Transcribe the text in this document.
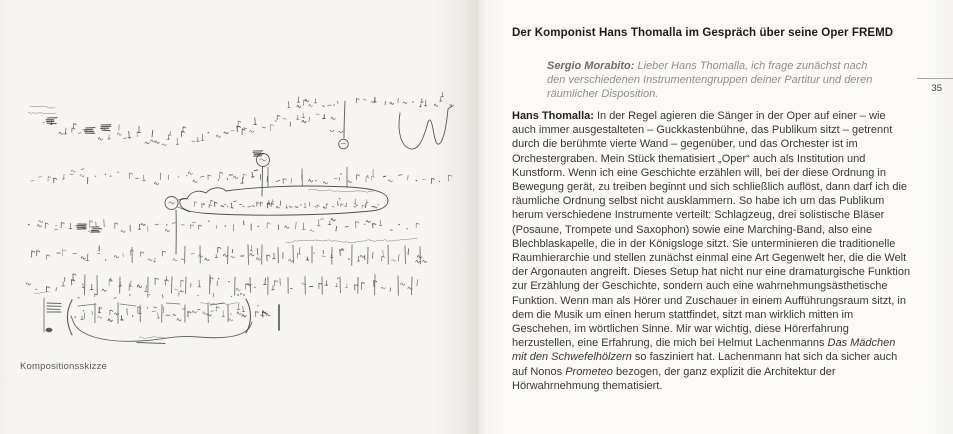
Kompositionsskizze
Der Komponist Hans Thomalla im Gespräch über seine Oper FREMD
35

Sergio Morabito: Lieber Hans Thomalla, ich frage zunächst nach den verschiedenen Instrumentengruppen deiner Partitur und deren räumlicher Disposition.

Hans Thomalla: In der Regel agieren die Sänger in der Oper auf einer – wie auch immer ausgestalteten – Guckkastenbühne, das Publikum sitzt – getrennt durch die berühmte vierte Wand – gegenüber, und das Orchester ist im Orchestergraben. Mein Stück thematisiert „Oper“ auch als Institution und Kunstform. Wenn ich eine Geschichte erzählen will, bei der diese Ordnung in Bewegung gerät, zu treiben beginnt und sich schließlich auflöst, dann darf ich die räumliche Ordnung selbst nicht ausklammern. So habe ich um das Publikum herum verschiedene Instrumente verteilt: Schlagzeug, drei solistische Bläser (Posaune, Trompete und Saxophon) sowie eine Marching-Band, also eine Blechblaskapelle, die in der Königsloge sitzt. Sie unterminieren die traditionelle Raumhierarchie und stellen zunächst einmal eine Art Gegenwelt her, die die Welt der Argonauten angreift. Dieses Setup hat nicht nur eine dramaturgische Funktion zur Erzählung der Geschichte, sondern auch eine wahrnehmungsästhetische Funktion. Wenn man als Hörer und Zuschauer in einem Aufführungsraum sitzt, in dem die Musik um einen herum stattfindet, sitzt man wirklich mitten im Geschehen, im wörtlichen Sinne. Mir war wichtig, diese Hörerfahrung herzustellen, eine Erfahrung, die mich bei Helmut Lachenmanns Das Mädchen mit den Schwefelhölzern so fasziniert hat. Lachenmann hat sich da sicher auch auf Nonos Prometeo bezogen, der ganz explizit die Architektur der Hörwahrnehmung thematisiert.
